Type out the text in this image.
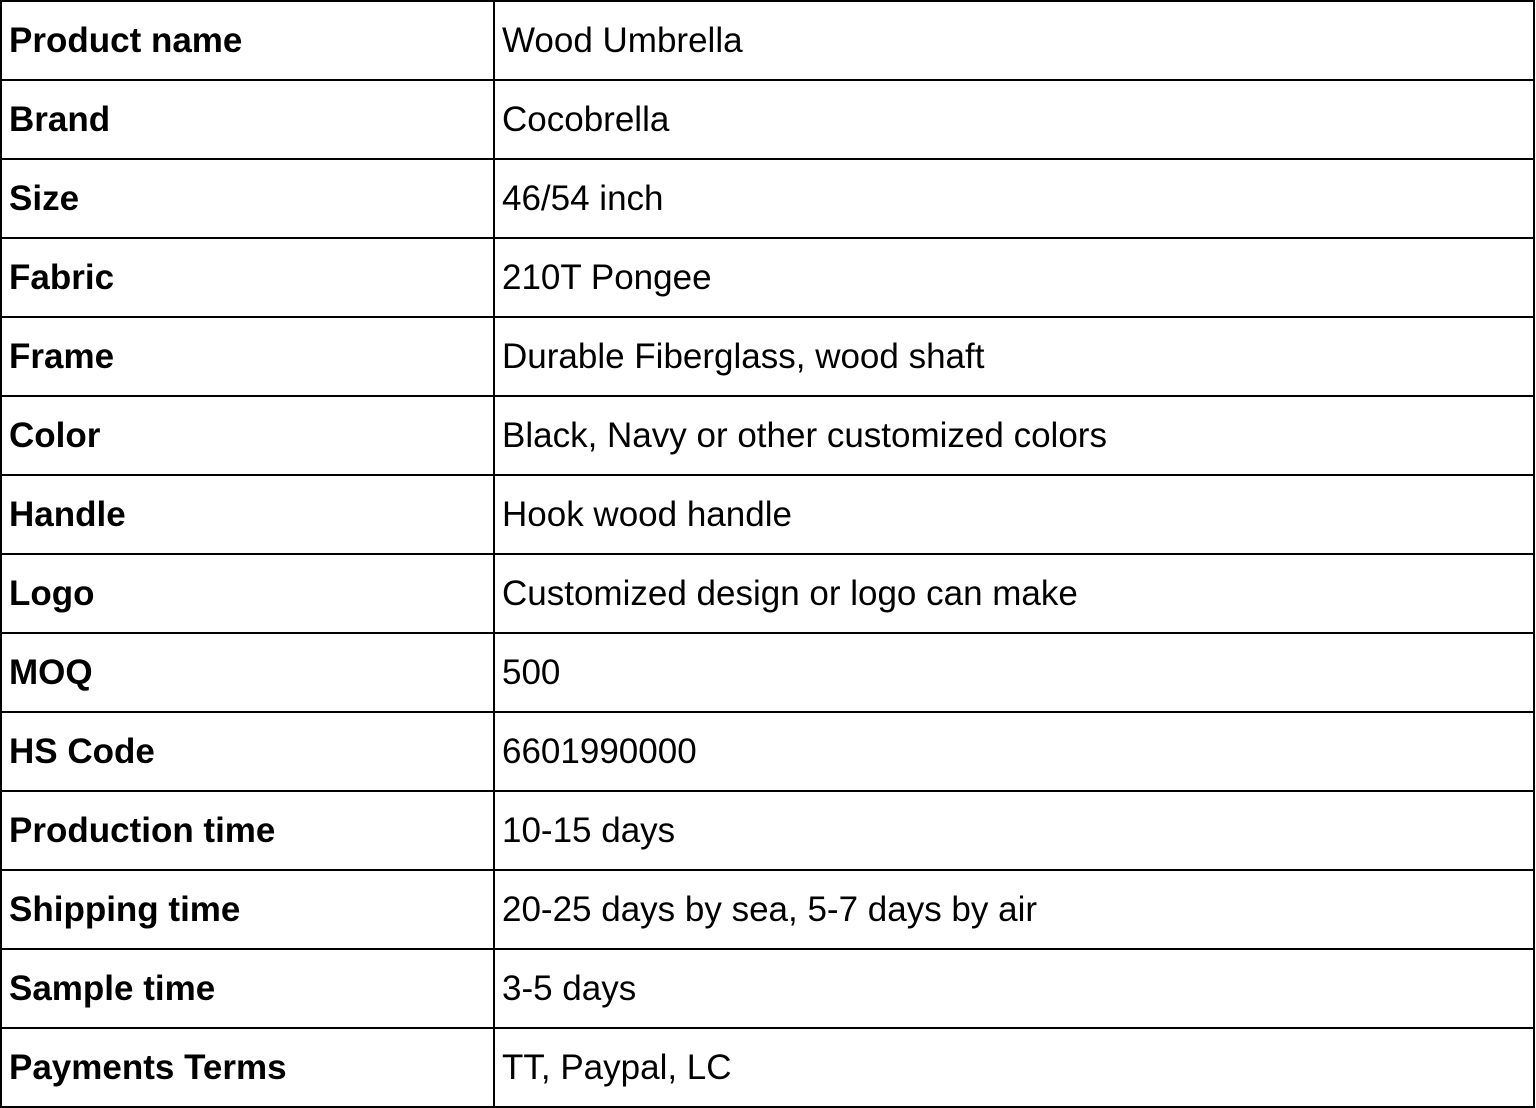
Product name	Wood Umbrella
Brand	Cocobrella
Size	46/54 inch
Fabric	210T Pongee
Frame	Durable Fiberglass, wood shaft
Color	Black, Navy or other customized colors
Handle	Hook wood handle
Logo	Customized design or logo can make
MOQ	500
HS Code	6601990000
Production time	10-15 days
Shipping time	20-25 days by sea, 5-7 days by air
Sample time	3-5 days
Payments Terms	TT, Paypal, LC
